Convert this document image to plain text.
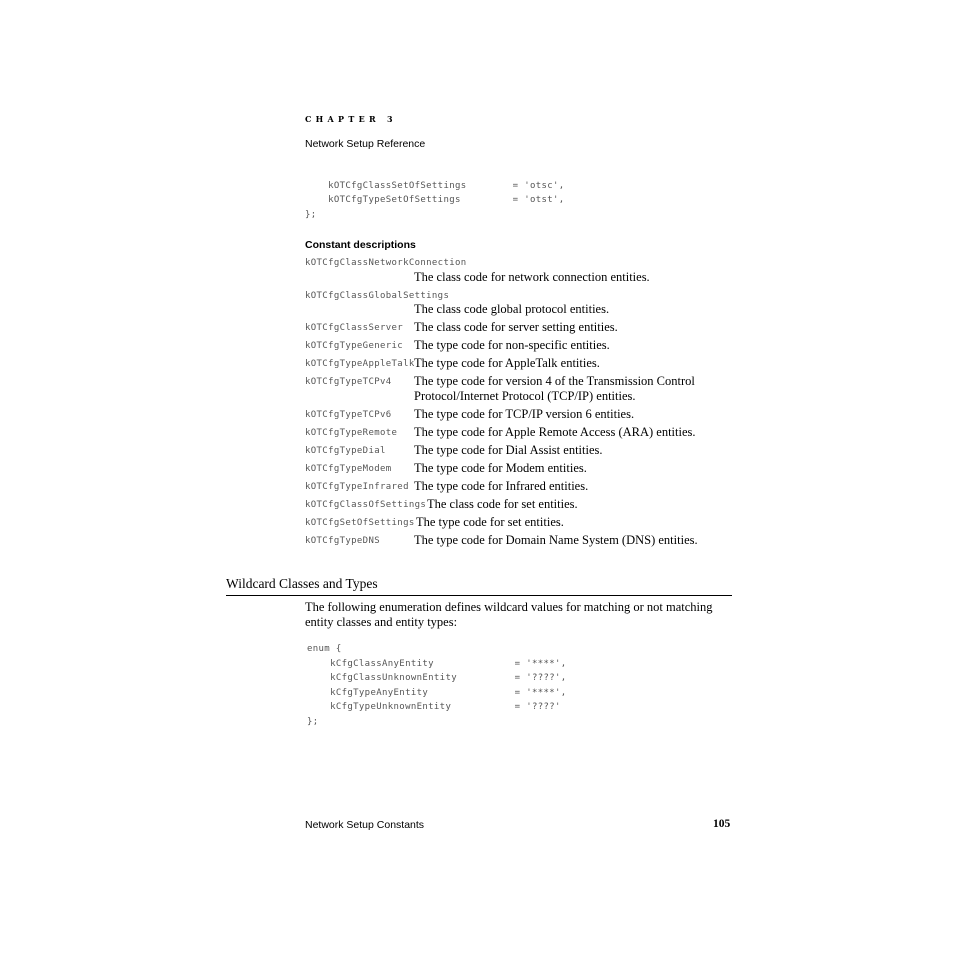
CHAPTER 3
Network Setup Reference
kOTCfgClassSetOfSettings        = 'otsc',
kOTCfgTypeSetOfSettings         = 'otst',
};
Constant descriptions
kOTCfgClassNetworkConnection
The class code for network connection entities.
kOTCfgClassGlobalSettings
The class code global protocol entities.
kOTCfgClassServer The class code for server setting entities.
kOTCfgTypeGeneric The type code for non-specific entities.
kOTCfgTypeAppleTalk The type code for AppleTalk entities.
kOTCfgTypeTCPv4 The type code for version 4 of the Transmission Control
Protocol/Internet Protocol (TCP/IP) entities.
kOTCfgTypeTCPv6 The type code for TCP/IP version 6 entities.
kOTCfgTypeRemote The type code for Apple Remote Access (ARA) entities.
kOTCfgTypeDial The type code for Dial Assist entities.
kOTCfgTypeModem The type code for Modem entities.
kOTCfgTypeInfrared The type code for Infrared entities.
kOTCfgClassOfSettings The class code for set entities.
kOTCfgSetOfSettings The type code for set entities.
kOTCfgTypeDNS	The type code for Domain Name System (DNS) entities.
Wildcard Classes and Types
The following enumeration defines wildcard values for matching or not matching entity classes and entity types:
enum {
kCfgClassAnyEntity              = '****',
kCfgClassUnknownEntity          = '????',
kCfgTypeAnyEntity               = '****',
kCfgTypeUnknownEntity           = '????'
};
Network Setup Constants	105
